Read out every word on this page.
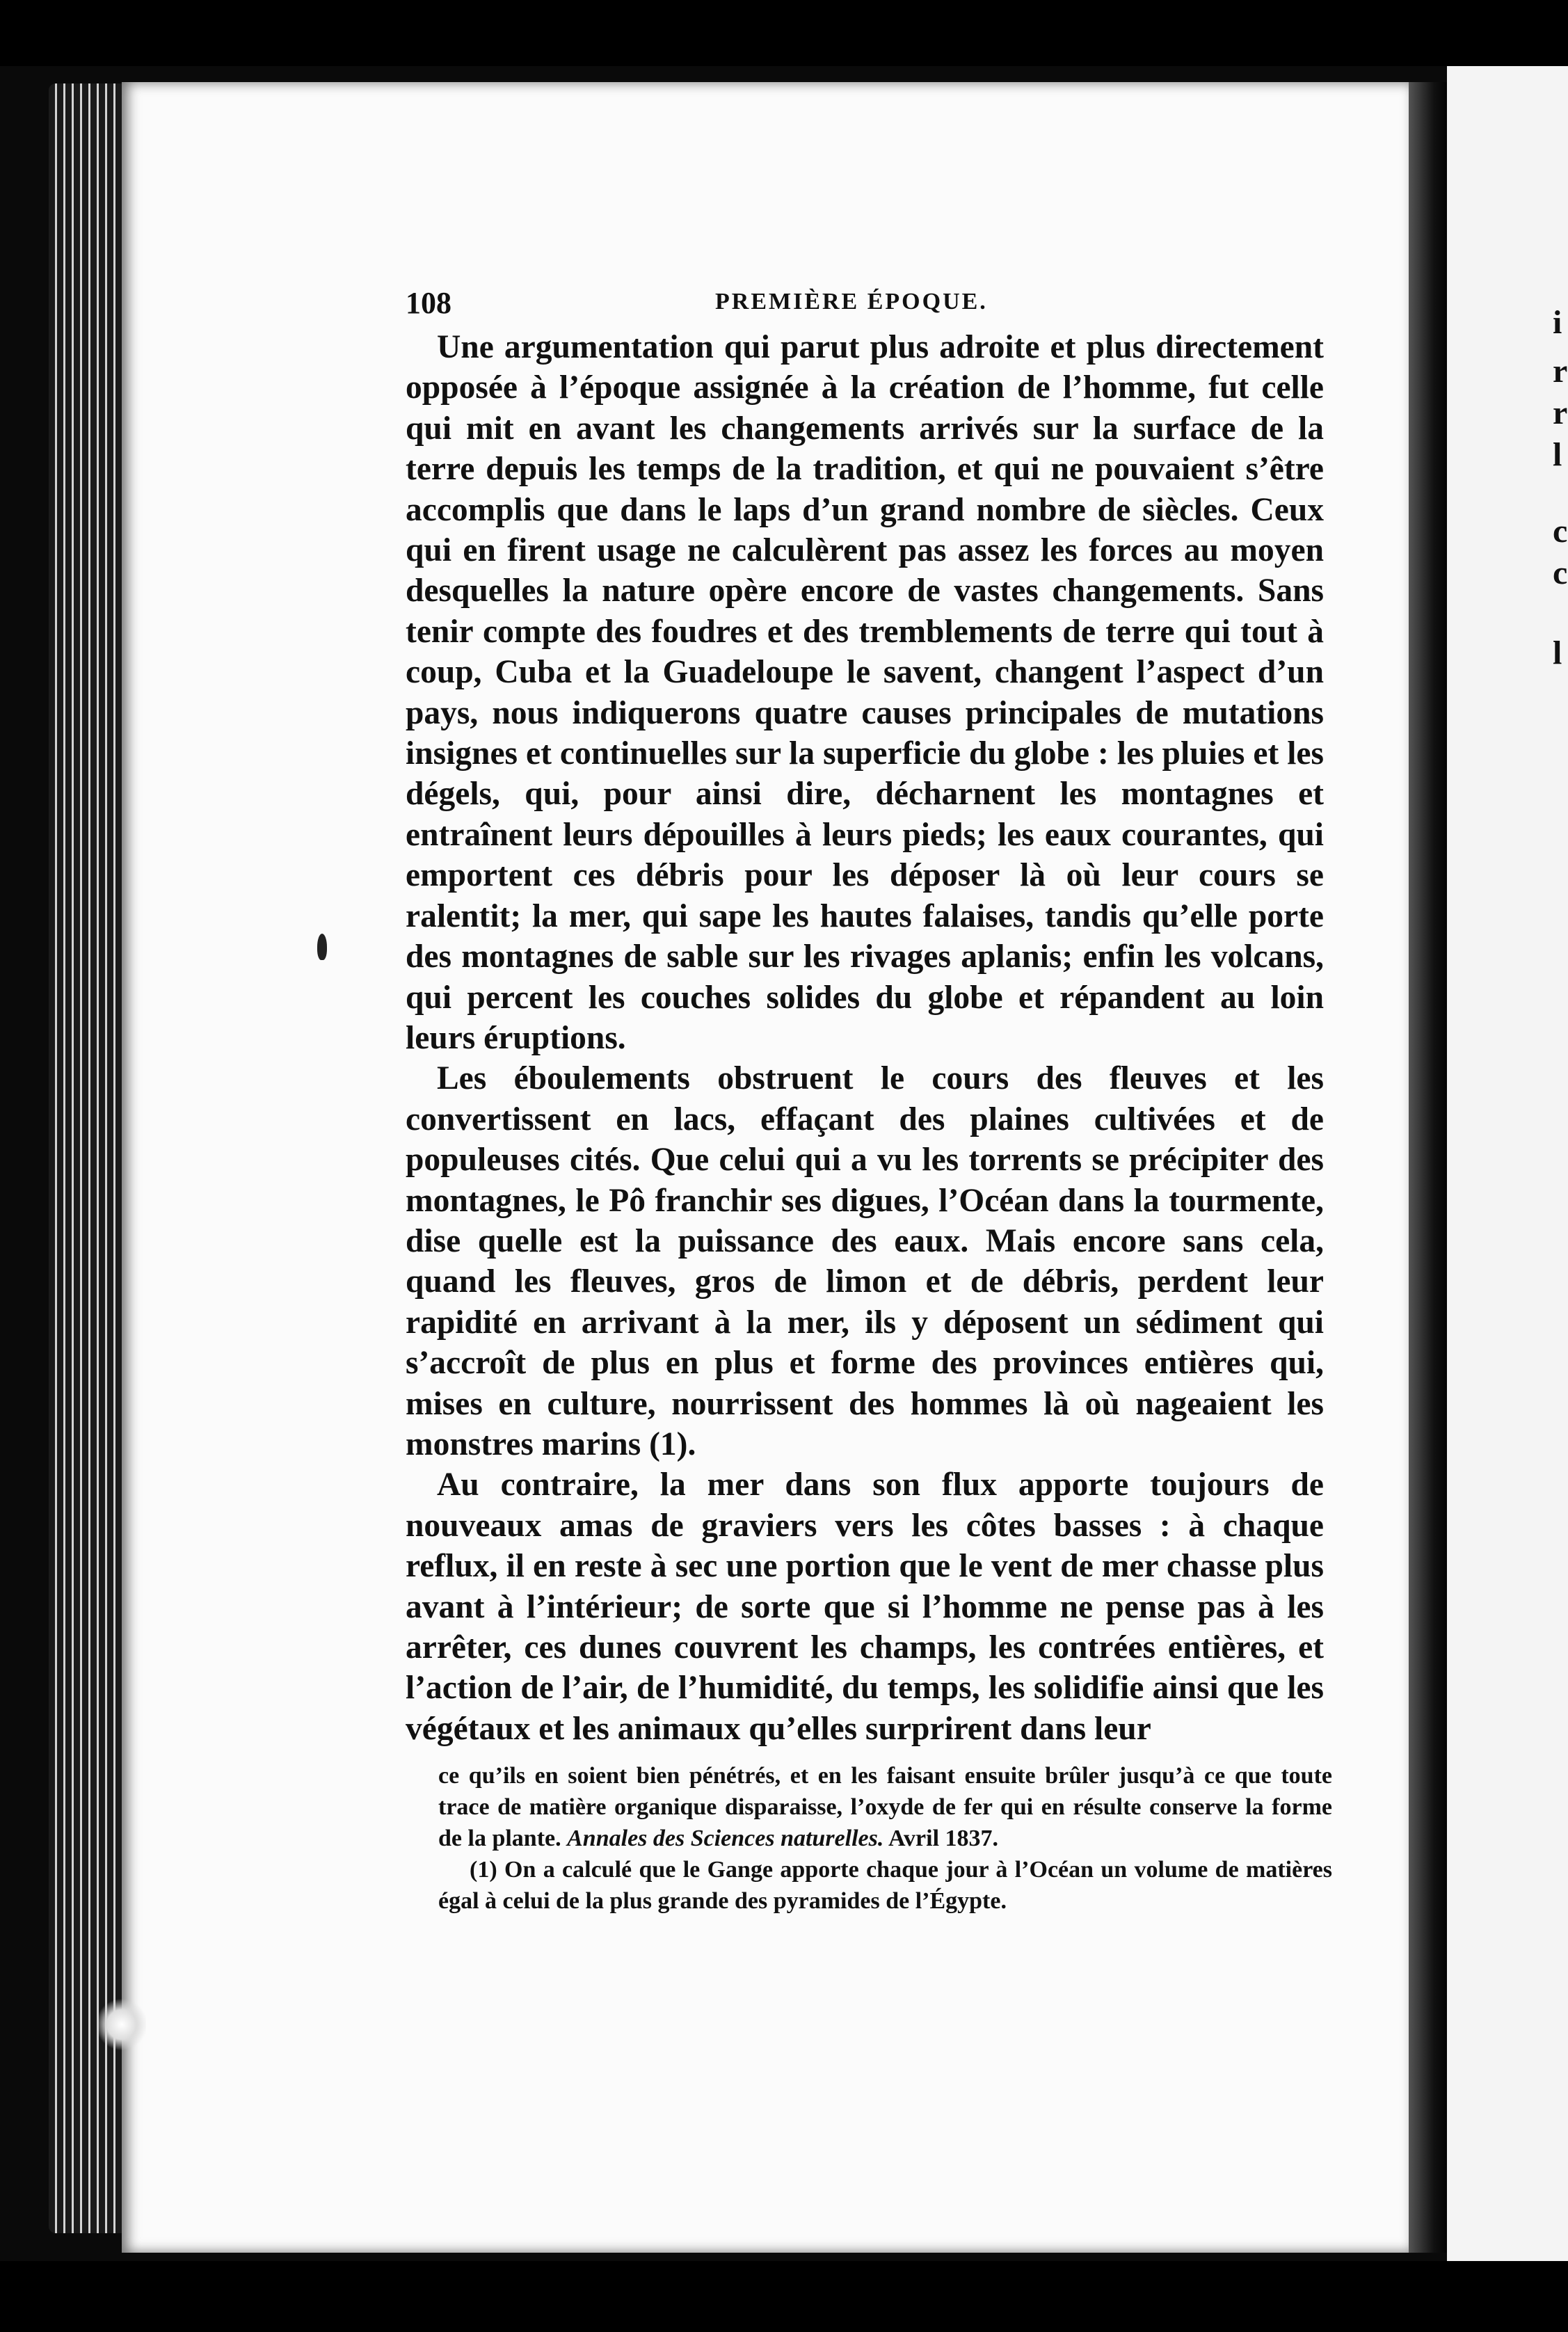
i
r
r
l
c
c
l
108	PREMIÈRE ÉPOQUE.

Une argumentation qui parut plus adroite et plus directement opposée à l’époque assignée à la création de l’homme, fut celle qui mit en avant les changements arrivés sur la surface de la terre depuis les temps de la tradition, et qui ne pouvaient s’être accomplis que dans le laps d’un grand nombre de siècles. Ceux qui en firent usage ne calculèrent pas assez les forces au moyen desquelles la nature opère encore de vastes changements. Sans tenir compte des foudres et des tremblements de terre qui tout à coup, Cuba et la Guadeloupe le savent, changent l’aspect d’un pays, nous indiquerons quatre causes principales de mutations insignes et continuelles sur la superficie du globe : les pluies et les dégels, qui, pour ainsi dire, décharnent les montagnes et entraînent leurs dépouilles à leurs pieds; les eaux courantes, qui emportent ces débris pour les déposer là où leur cours se ralentit; la mer, qui sape les hautes falaises, tandis qu’elle porte des montagnes de sable sur les rivages aplanis; enfin les volcans, qui percent les couches solides du globe et répandent au loin leurs éruptions.

Les éboulements obstruent le cours des fleuves et les convertissent en lacs, effaçant des plaines cultivées et de populeuses cités. Que celui qui a vu les torrents se précipiter des montagnes, le Pô franchir ses digues, l’Océan dans la tourmente, dise quelle est la puissance des eaux. Mais encore sans cela, quand les fleuves, gros de limon et de débris, perdent leur rapidité en arrivant à la mer, ils y déposent un sédiment qui s’accroît de plus en plus et forme des provinces entières qui, mises en culture, nourrissent des hommes là où nageaient les monstres marins (1).

Au contraire, la mer dans son flux apporte toujours de nouveaux amas de graviers vers les côtes basses : à chaque reflux, il en reste à sec une portion que le vent de mer chasse plus avant à l’intérieur; de sorte que si l’homme ne pense pas à les arrêter, ces dunes couvrent les champs, les contrées entières, et l’action de l’air, de l’humidité, du temps, les solidifie ainsi que les végétaux et les animaux qu’elles surprirent dans leur

ce qu’ils en soient bien pénétrés, et en les faisant ensuite brûler jusqu’à ce que toute trace de matière organique disparaisse, l’oxyde de fer qui en résulte conserve la forme de la plante. Annales des Sciences naturelles. Avril 1837.

(1) On a calculé que le Gange apporte chaque jour à l’Océan un volume de matières égal à celui de la plus grande des pyramides de l’Égypte.
